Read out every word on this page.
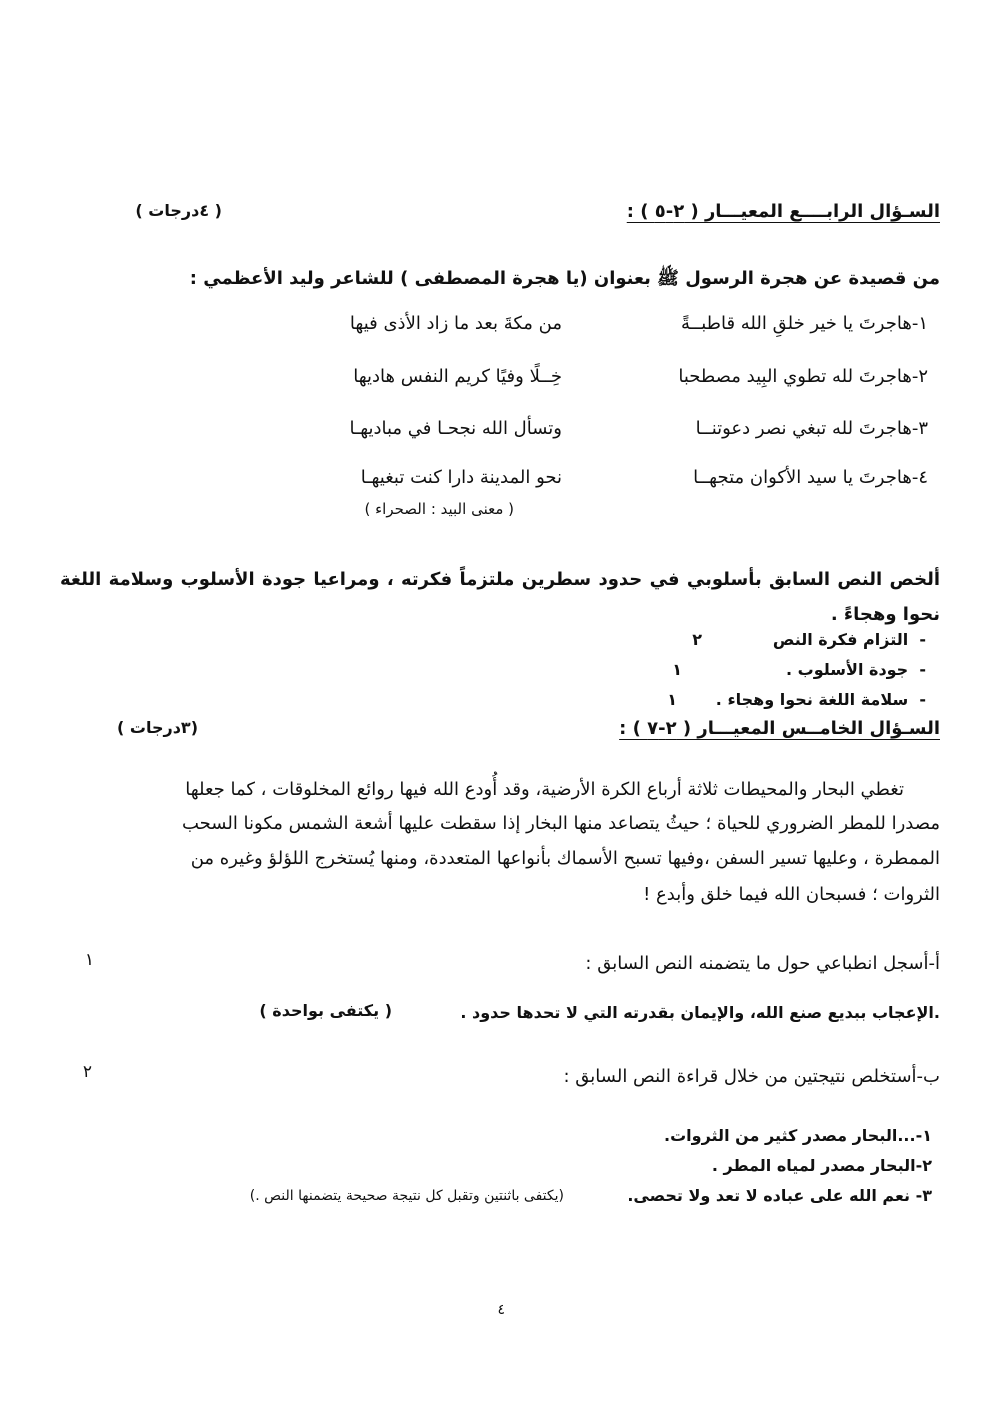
السـؤال الرابــــع المعيـــار ( ٢-٥ ) :
( ٤درجات )
من قصيدة عن هجرة الرسول ﷺ بعنوان (يا هجرة المصطفى ) للشاعر وليد الأعظمي :
١-هاجرتَ يا خير خلقِ الله قاطبــةً
من مكةَ بعد ما زاد الأذى فيها
٢-هاجرتَ لله تطوي البِيد مصطحبا
خِــلًا وفيًا كريم النفس هاديها
٣-هاجرتَ لله تبغي نصر دعوتنــا
وتسأل الله نجحـا في مباديهـا
٤-هاجرتَ يا سيد الأكوان متجهــا
نحو المدينة دارا كنت تبغيهـا
( معنى البيد : الصحراء )
ألخص النص السابق بأسلوبي في حدود سطرين ملتزماً فكرته ، ومراعيا جودة الأسلوب وسلامة اللغة نحوا وهجاءً .
-  التزام فكرة النص
٢
-  جودة الأسلوب .
١
-  سلامة اللغة نحوا وهجاء .
١
السـؤال الخامــس المعيـــار ( ٢-٧ ) :
(٣درجات )
تغطي البحار والمحيطات ثلاثة أرباع الكرة الأرضية، وقد أُودع الله فيها روائع المخلوقات ، كما جعلها
مصدرا للمطر الضروري للحياة ؛ حيثُ يتصاعد منها البخار إذا سقطت عليها أشعة الشمس مكونا السحب
الممطرة ، وعليها تسير السفن ،وفيها تسبح الأسماك بأنواعها المتعددة، ومنها يُستخرج اللؤلؤ وغيره من
الثروات ؛ فسبحان الله فيما خلق وأبدع !
أ-أسجل انطباعي حول ما يتضمنه النص السابق :
١
.الإعجاب ببديع صنع الله، والإيمان بقدرته التي لا تحدها حدود .
( يكتفى بواحدة )
ب-أستخلص نتيجتين من خلال قراءة النص السابق :
٢
١-...البحار مصدر كثير من الثروات.
٢-البحار مصدر لمياه المطر .
٣- نعم الله على عباده لا تعد ولا تحصى.
(يكتفى باثنتين وتقبل كل نتيجة صحيحة يتضمنها النص .)
٤
